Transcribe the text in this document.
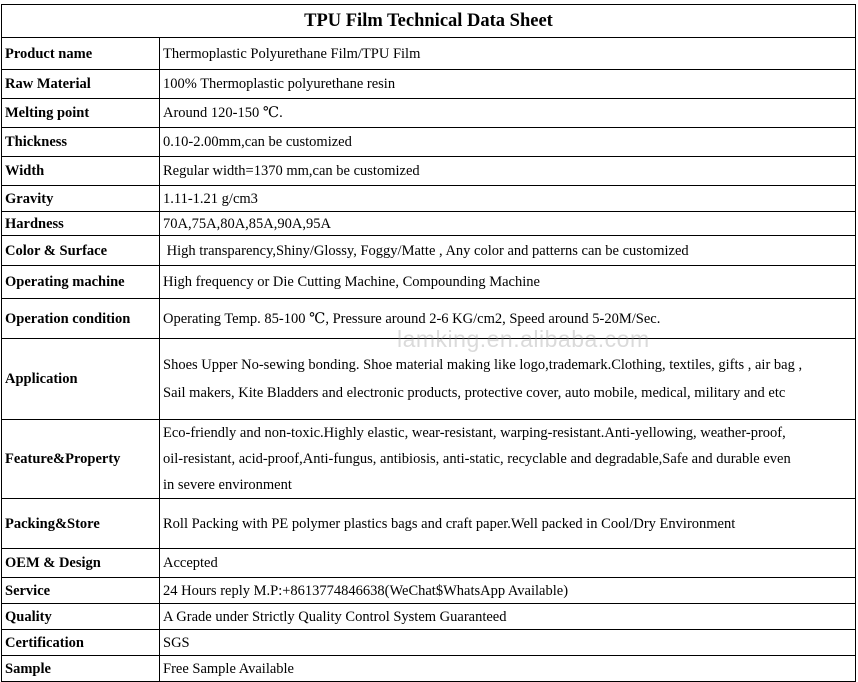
TPU Film Technical Data Sheet	
Product name	Thermoplastic Polyurethane Film/TPU Film
Raw Material	100% Thermoplastic polyurethane resin
Melting point	Around 120-150 ℃.
Thickness	0.10-2.00mm,can be customized
Width	Regular width=1370 mm,can be customized
Gravity	1.11-1.21 g/cm3
Hardness	70A,75A,80A,85A,90A,95A
Color & Surface	High transparency,Shiny/Glossy, Foggy/Matte , Any color and patterns can be customized
Operating machine	High frequency or Die Cutting Machine, Compounding Machine
Operation condition	Operating Temp. 85-100 ℃, Pressure around 2-6 KG/cm2, Speed around 5-20M/Sec.
Application	Shoes Upper No-sewing bonding. Shoe material making like logo,trademark.Clothing, textiles, gifts , air bag ,
Sail makers, Kite Bladders and electronic products, protective cover, auto mobile, medical, military and etc

Feature&Property	Eco-friendly and non-toxic.Highly elastic, wear-resistant, warping-resistant.Anti-yellowing, weather-proof,
oil-resistant, acid-proof,Anti-fungus, antibiosis, anti-static, recyclable and degradable,Safe and durable even
in severe environment

Packing&Store	Roll Packing with PE polymer plastics bags and craft paper.Well packed in Cool/Dry Environment
OEM & Design	Accepted
Service	24 Hours reply M.P:+8613774846638(WeChat$WhatsApp Available)
Quality	A Grade under Strictly Quality Control System Guaranteed
Certification	SGS
Sample	Free Sample Available
lamking.en.alibaba.com
